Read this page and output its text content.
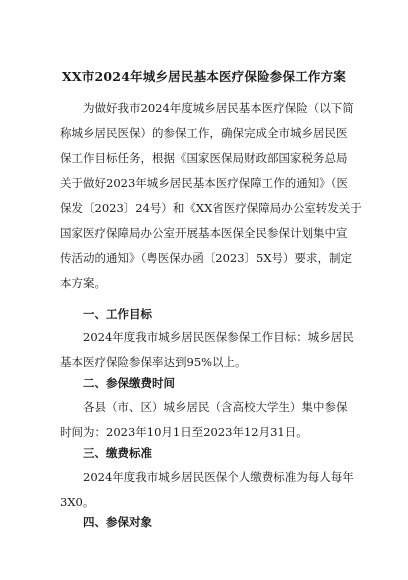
XX市2024年城乡居民基本医疗保险参保工作方案
为做好我市2024年度城乡居民基本医疗保险（以下简
称城乡居民医保）的参保工作，确保完成全市城乡居民医
保工作目标任务，根据《国家医保局财政部国家税务总局
关于做好2023年城乡居民基本医疗保障工作的通知》（医
保发〔2023〕24号）和《XX省医疗保障局办公室转发关于
国家医疗保障局办公室开展基本医保全民参保计划集中宣
传活动的通知》（粤医保办函〔2023〕5X号）要求，制定
本方案。
一、工作目标
2024年度我市城乡居民医保参保工作目标：城乡居民
基本医疗保险参保率达到95%以上。
二、参保缴费时间
各县（市、区）城乡居民（含高校大学生）集中参保
时间为：2023年10月1日至2023年12月31日。
三、缴费标准
2024年度我市城乡居民医保个人缴费标准为每人每年
3X0。
四、参保对象
